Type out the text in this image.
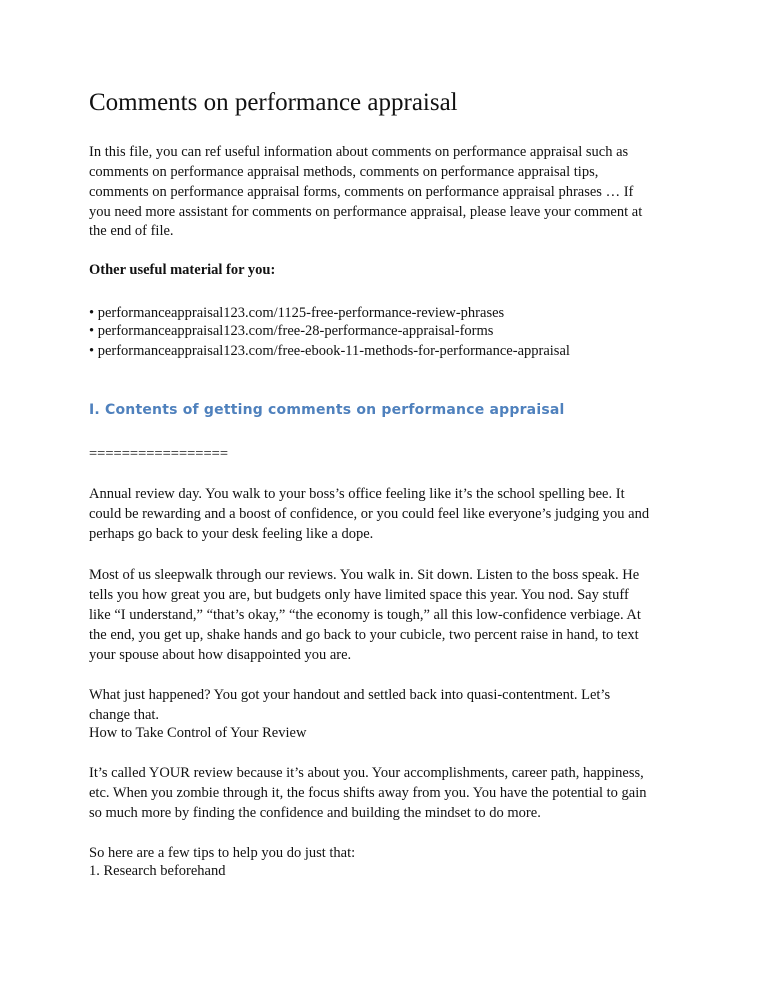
Comments on performance appraisal
In this file, you can ref useful information about comments on performance appraisal such as
comments on performance appraisal methods, comments on performance appraisal tips,
comments on performance appraisal forms, comments on performance appraisal phrases … If
you need more assistant for comments on performance appraisal, please leave your comment at
the end of file.
Other useful material for you:
• performanceappraisal123.com/1125-free-performance-review-phrases
• performanceappraisal123.com/free-28-performance-appraisal-forms
• performanceappraisal123.com/free-ebook-11-methods-for-performance-appraisal
I. Contents of getting comments on performance appraisal
=================
Annual review day. You walk to your boss’s office feeling like it’s the school spelling bee. It
could be rewarding and a boost of confidence, or you could feel like everyone’s judging you and
perhaps go back to your desk feeling like a dope.
Most of us sleepwalk through our reviews. You walk in. Sit down. Listen to the boss speak. He
tells you how great you are, but budgets only have limited space this year. You nod. Say stuff
like “I understand,” “that’s okay,” “the economy is tough,” all this low-confidence verbiage. At
the end, you get up, shake hands and go back to your cubicle, two percent raise in hand, to text
your spouse about how disappointed you are.
What just happened? You got your handout and settled back into quasi-contentment. Let’s
change that.
How to Take Control of Your Review
It’s called YOUR review because it’s about you. Your accomplishments, career path, happiness,
etc. When you zombie through it, the focus shifts away from you. You have the potential to gain
so much more by finding the confidence and building the mindset to do more.
So here are a few tips to help you do just that:
1. Research beforehand
